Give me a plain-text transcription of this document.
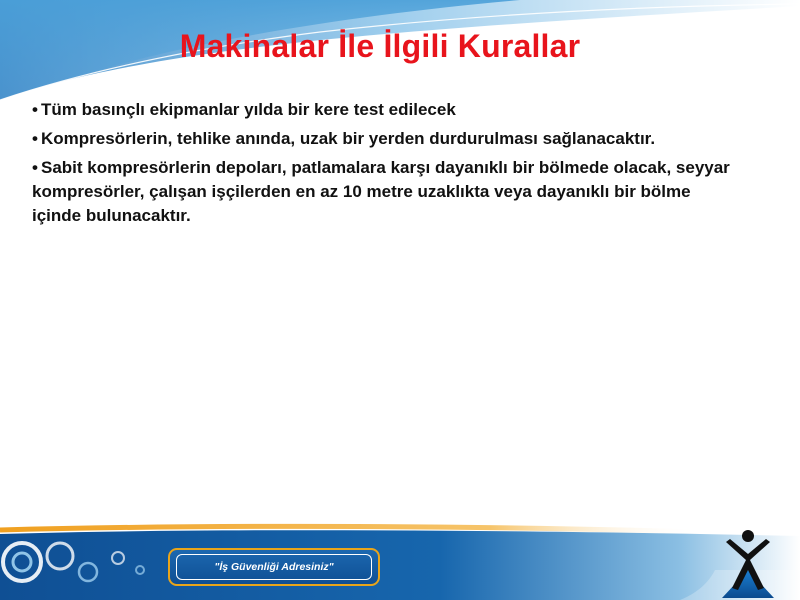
Makinalar İle İlgili Kurallar
• Tüm basınçlı ekipmanlar yılda bir kere test edilecek
• Kompresörlerin, tehlike anında, uzak bir yerden durdurulması sağlanacaktır.
• Sabit kompresörlerin depoları, patlamalara karşı dayanıklı bir bölmede olacak, seyyar kompresörler, çalışan işçilerden en az 10 metre uzaklıkta veya dayanıklı bir bölme içinde bulunacaktır.
"İş Güvenliği Adresiniz"
